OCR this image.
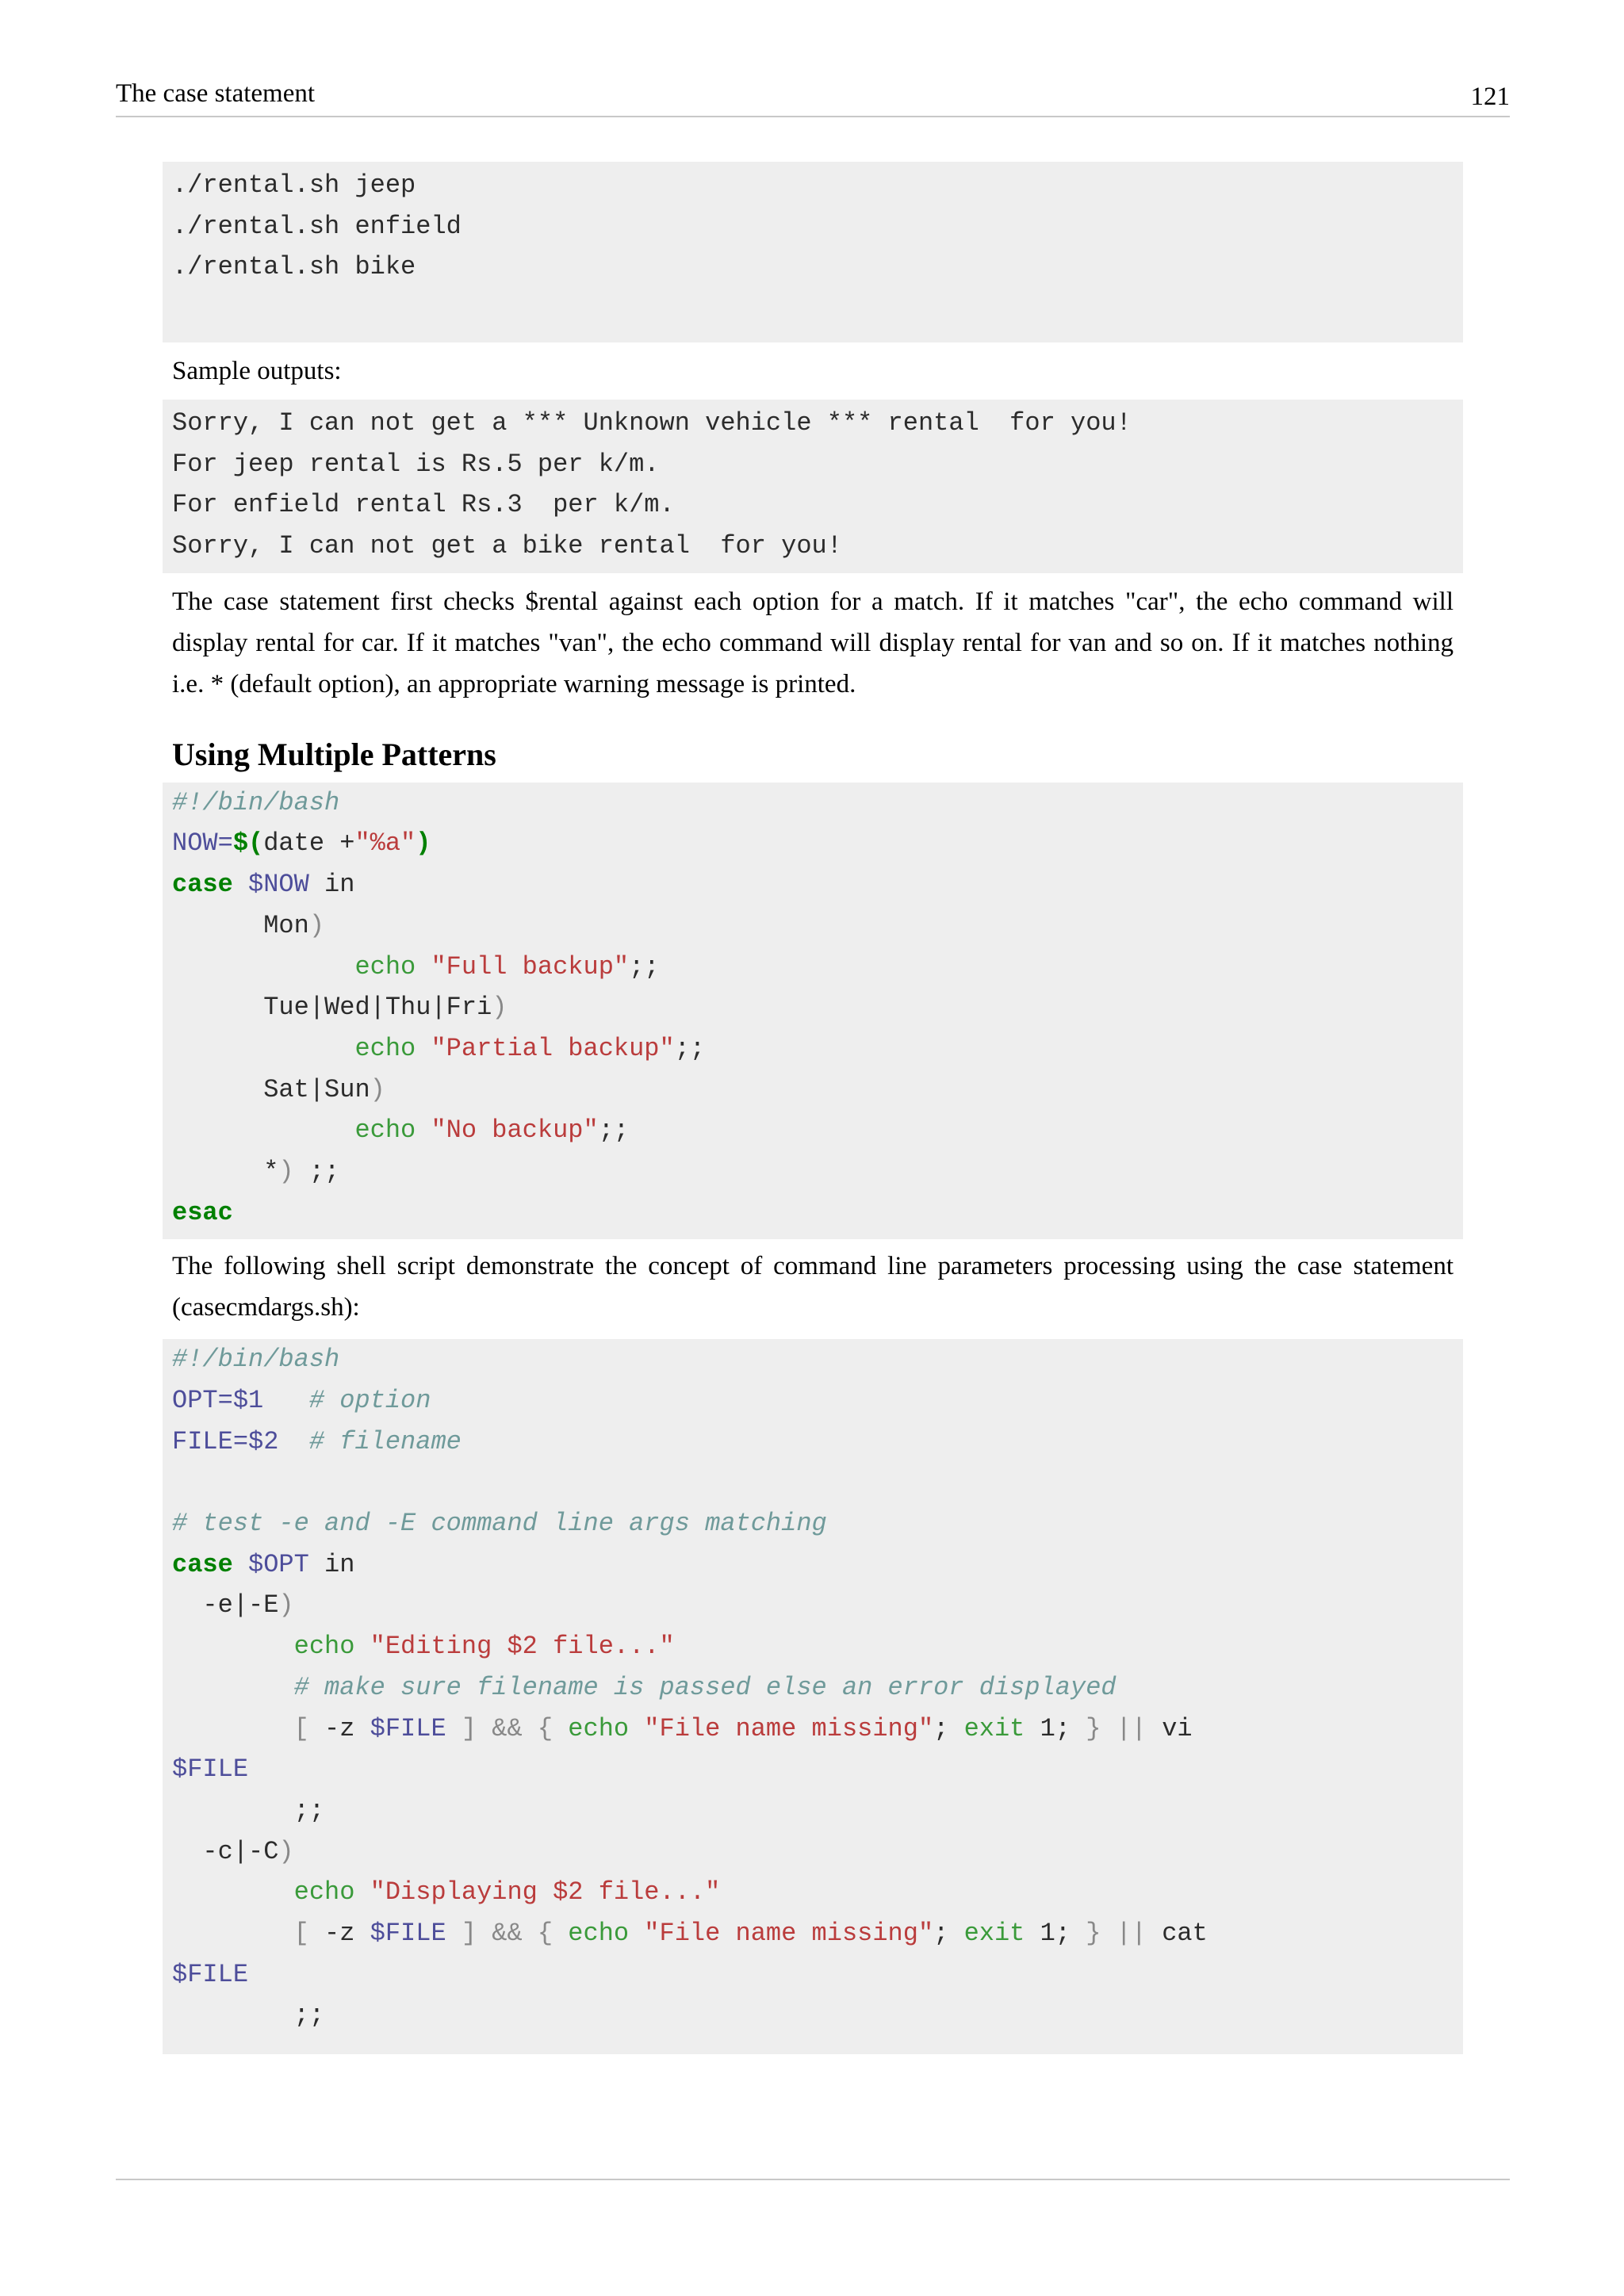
The case statement	121
./rental.sh jeep
./rental.sh enfield
./rental.sh bike

Sample outputs:

Sorry, I can not get a *** Unknown vehicle *** rental  for you!
For jeep rental is Rs.5 per k/m.
For enfield rental Rs.3  per k/m.
Sorry, I can not get a bike rental  for you!

The case statement first checks $rental against each option for a match. If it matches "car", the echo command will display rental for car. If it matches "van", the echo command will display rental for van and so on. If it matches nothing i.e. * (default option), an appropriate warning message is printed.

Using Multiple Patterns
#!/bin/bash
NOW=$(date +"%a")
case $NOW in
Mon)
echo "Full backup";;
Tue|Wed|Thu|Fri)
echo "Partial backup";;
Sat|Sun)
echo "No backup";;
*) ;;
esac

The following shell script demonstrate the concept of command line parameters processing using the case statement (casecmdargs.sh):

#!/bin/bash
OPT=$1 # option
FILE=$2 # filename

# test -e and -E command line args matching
case $OPT in
-e|-E)
echo "Editing $2 file..."
# make sure filename is passed else an error displayed
[ -z $FILE ] && { echo "File name missing"; exit 1; } || vi
$FILE
;;
-c|-C)
echo "Displaying $2 file..."
[ -z $FILE ] && { echo "File name missing"; exit 1; } || cat
$FILE
;;
